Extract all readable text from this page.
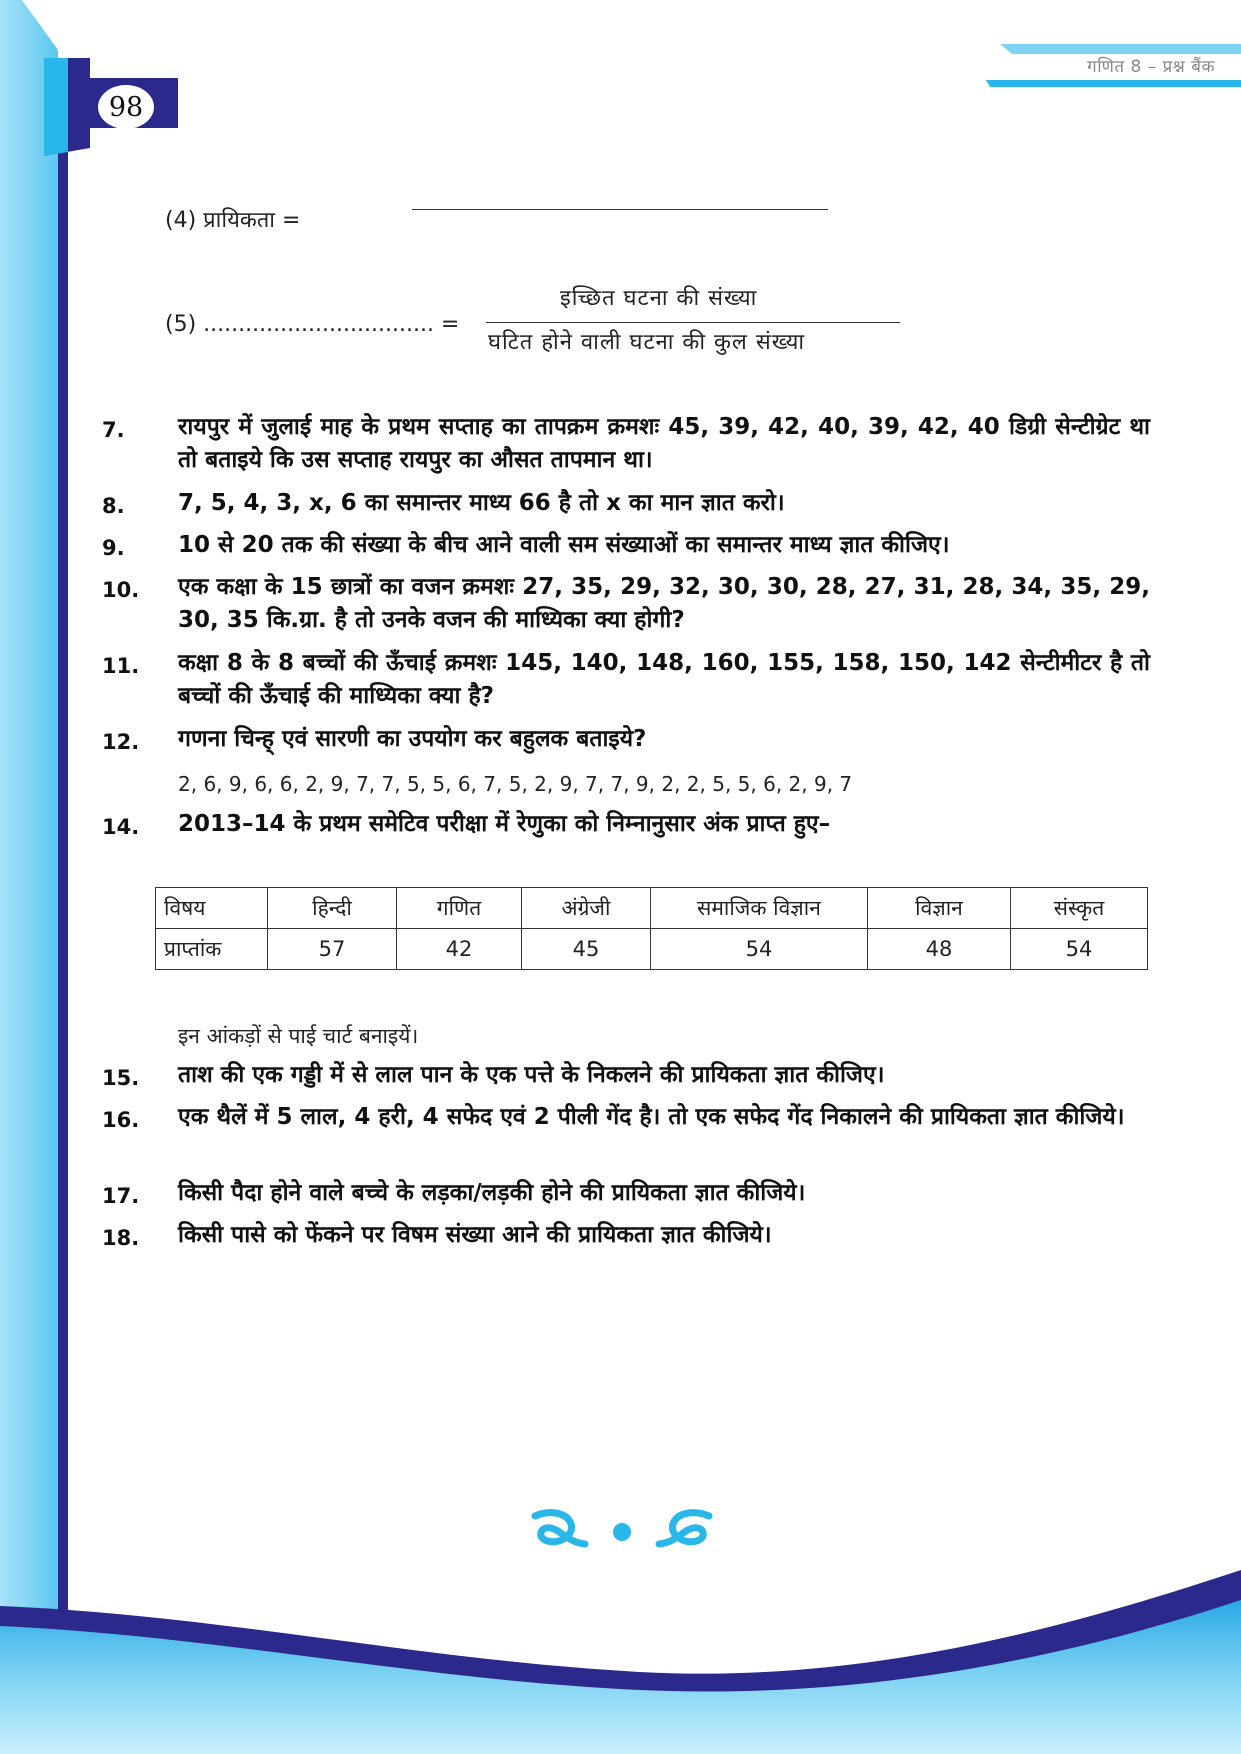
98
गणित 8 – प्रश्न बैंक
(4) प्रायिकता =
(5) ................................. =
इच्छित घटना की संख्या
घटित होने वाली घटना की कुल संख्या
7. रायपुर में जुलाई माह के प्रथम सप्ताह का तापक्रम क्रमशः 45, 39, 42, 40, 39, 42, 40 डिग्री सेन्टीग्रेट था तो बताइये कि उस सप्ताह रायपुर का औसत तापमान था।
8. 7, 5, 4, 3, x, 6 का समान्तर माध्य 66 है तो x का मान ज्ञात करो।
9. 10 से 20 तक की संख्या के बीच आने वाली सम संख्याओं का समान्तर माध्य ज्ञात कीजिए।
10. एक कक्षा के 15 छात्रों का वजन क्रमशः 27, 35, 29, 32, 30, 30, 28, 27, 31, 28, 34, 35, 29, 30, 35 कि.ग्रा. है तो उनके वजन की माध्यिका क्या होगी?
11. कक्षा 8 के 8 बच्चों की ऊँचाई क्रमशः 145, 140, 148, 160, 155, 158, 150, 142 सेन्टीमीटर है तो बच्चों की ऊँचाई की माध्यिका क्या है?
12. गणना चिन्ह् एवं सारणी का उपयोग कर बहुलक बताइये?
2, 6, 9, 6, 6, 2, 9, 7, 7, 5, 5, 6, 7, 5, 2, 9, 7, 7, 9, 2, 2, 5, 5, 6, 2, 9, 7
14. 2013–14 के प्रथम समेटिव परीक्षा में रेणुका को निम्नानुसार अंक प्राप्त हुए–
विषय	हिन्दी	गणित	अंग्रेजी	समाजिक विज्ञान	विज्ञान	संस्कृत
प्राप्तांक	57	42	45	54	48	54
इन आंकड़ों से पाई चार्ट बनाइयें।
15. ताश की एक गड्डी में से लाल पान के एक पत्ते के निकलने की प्रायिकता ज्ञात कीजिए।
16. एक थैलें में 5 लाल, 4 हरी, 4 सफेद एवं 2 पीली गेंद है। तो एक सफेद गेंद निकालने की प्रायिकता ज्ञात कीजिये।
17. किसी पैदा होने वाले बच्चे के लड़का/लड़की होने की प्रायिकता ज्ञात कीजिये।
18. किसी पासे को फेंकने पर विषम संख्या आने की प्रायिकता ज्ञात कीजिये।
